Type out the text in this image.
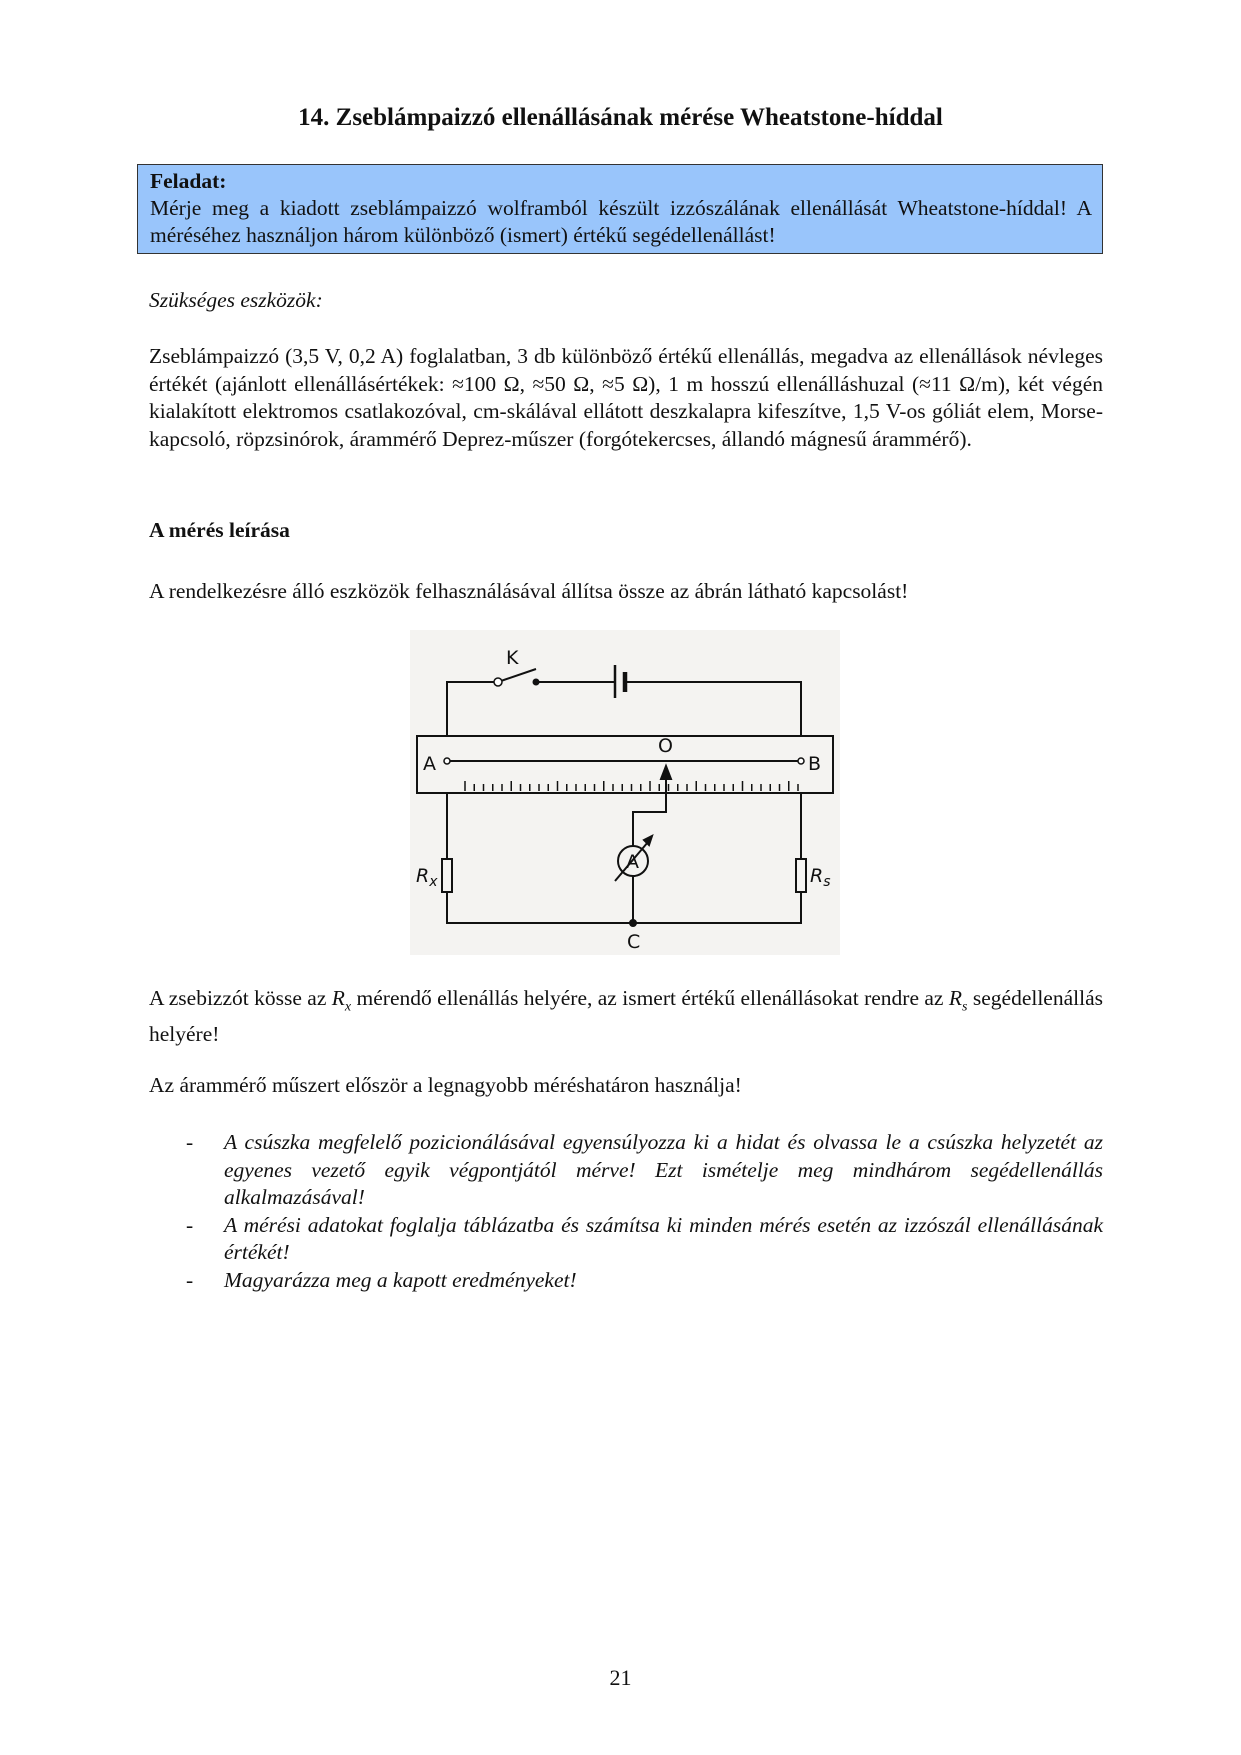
14. Zseblámpaizzó ellenállásának mérése Wheatstone-híddal
Feladat:
Mérje meg a kiadott zseblámpaizzó wolframból készült izzószálának ellenállását Wheatstone-híddal! A méréséhez használjon három különböző (ismert) értékű segédellenállást!
Szükséges eszközök:
Zseblámpaizzó (3,5 V, 0,2 A) foglalatban, 3 db különböző értékű ellenállás, megadva az ellenállások névleges értékét (ajánlott ellenállásértékek: ≈100 Ω, ≈50 Ω, ≈5 Ω), 1 m hosszú ellenálláshuzal (≈11 Ω/m), két végén kialakított elektromos csatlakozóval, cm-skálával ellátott deszkalapra kifeszítve, 1,5 V-os góliát elem, Morse-kapcsoló, röpzsinórok, árammérő Deprez-műszer (forgótekercses, állandó mágnesű árammérő).
A mérés leírása
A rendelkezésre álló eszközök felhasználásával állítsa össze az ábrán látható kapcsolást!
K
A	B
O
A
C
$R_x$	$R_s$
A zsebizzót kösse az $R_x$ mérendő ellenállás helyére, az ismert értékű ellenállásokat rendre az $R_s$ segédellenállás helyére!
Az árammérő műszert először a legnagyobb méréshatáron használja!
- A csúszka megfelelő pozicionálásával egyensúlyozza ki a hidat és olvassa le a csúszka helyzetét az egyenes vezető egyik végpontjától mérve! Ezt ismételje meg mindhárom segédellenállás alkalmazásával!
- A mérési adatokat foglalja táblázatba és számítsa ki minden mérés esetén az izzószál ellenállásának értékét!
- Magyarázza meg a kapott eredményeket!
21
